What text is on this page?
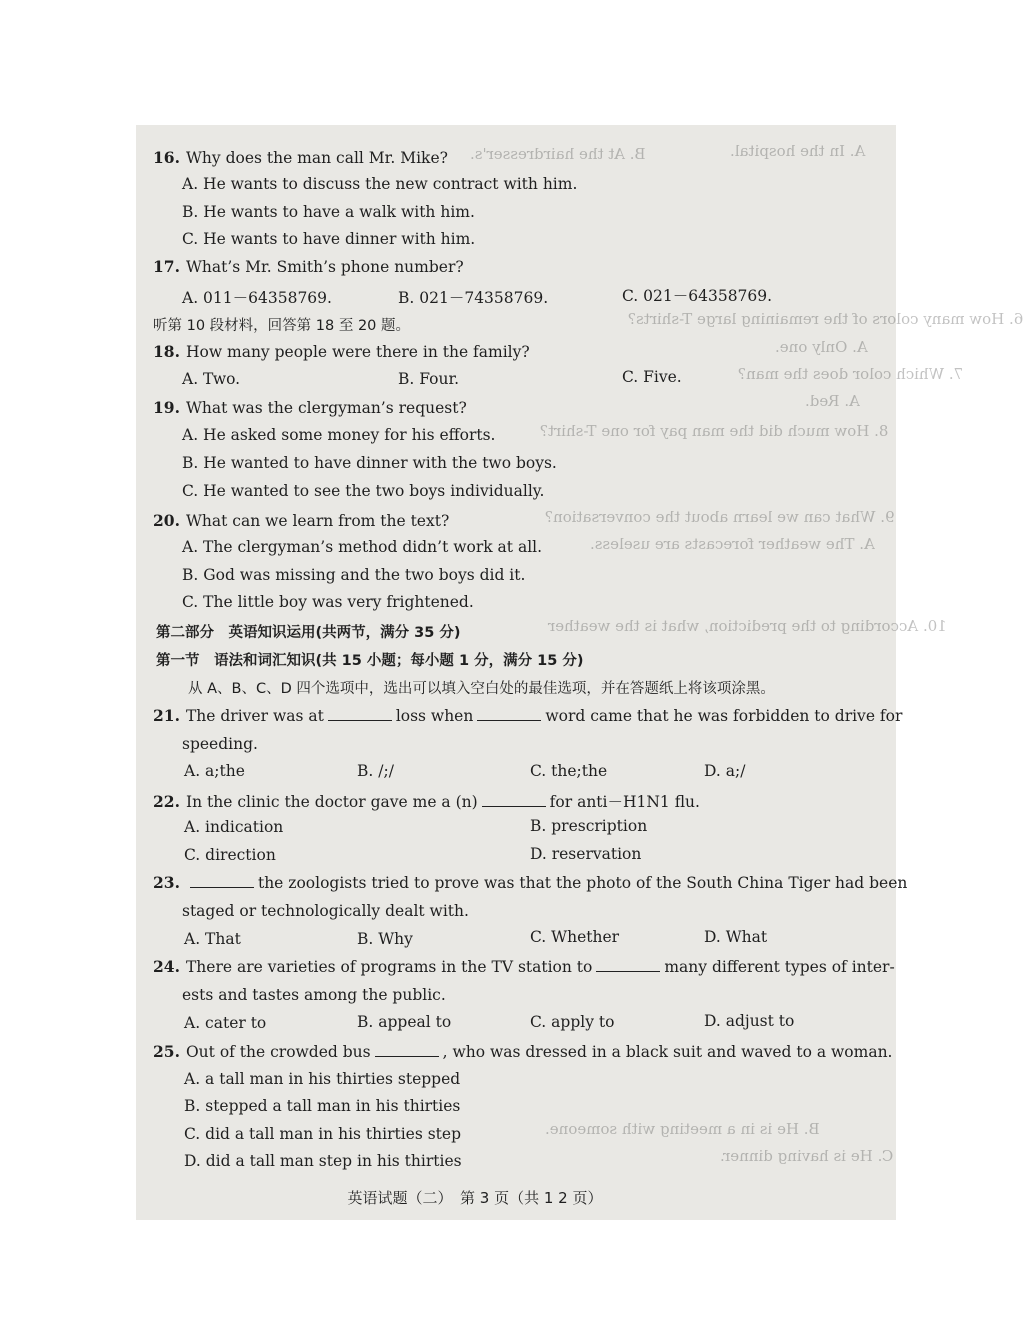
A. In the hospital.
B. At the hairdresser's.
6. How many colors of the remaining large T-shirts?
A. Only one.
7. Which color does the man?
A. Red.
8. How much did the man pay for one T-shirt?
9. What can we learn about the conversation?
A. The weather forecasts are useless.
10. According to the prediction, what is the weather
B. He is in a meeting with someone.
C. He is having dinner.
16. Why does the man call Mr. Mike?
A. He wants to discuss the new contract with him.
B. He wants to have a walk with him.
C. He wants to have dinner with him.
17. What’s Mr. Smith’s phone number?
A. 011－64358769.	B. 021－74358769.	C. 021－64358769.
听第 10 段材料，回答第 18 至 20 题。
18. How many people were there in the family?
A. Two.	B. Four.	C. Five.
19. What was the clergyman’s request?
A. He asked some money for his efforts.
B. He wanted to have dinner with the two boys.
C. He wanted to see the two boys individually.
20. What can we learn from the text?
A. The clergyman’s method didn’t work at all.
B. God was missing and the two boys did it.
C. The little boy was very frightened.
第二部分　英语知识运用(共两节，满分 35 分)
第一节　语法和词汇知识(共 15 小题；每小题 1 分，满分 15 分)
从 A、B、C、D 四个选项中，选出可以填入空白处的最佳选项，并在答题纸上将该项涂黑。
21. The driver was at	loss when	word came that he was forbidden to drive for
speeding.
A. a;the	B. /;/	C. the;the	D. a;/
22. In the clinic the doctor gave me a (n)	for anti－H1N1 flu.
A. indication	B. prescription
C. direction	D. reservation
23.	the zoologists tried to prove was that the photo of the South China Tiger had been
staged or technologically dealt with.
A. That	B. Why	C. Whether	D. What
24. There are varieties of programs in the TV station to	many different types of inter-
ests and tastes among the public.
A. cater to	B. appeal to	C. apply to	D. adjust to
25. Out of the crowded bus	, who was dressed in a black suit and waved to a woman.
A. a tall man in his thirties stepped
B. stepped a tall man in his thirties
C. did a tall man in his thirties step
D. did a tall man step in his thirties
英语试题（二）　第 3 页（共 1 2 页）
